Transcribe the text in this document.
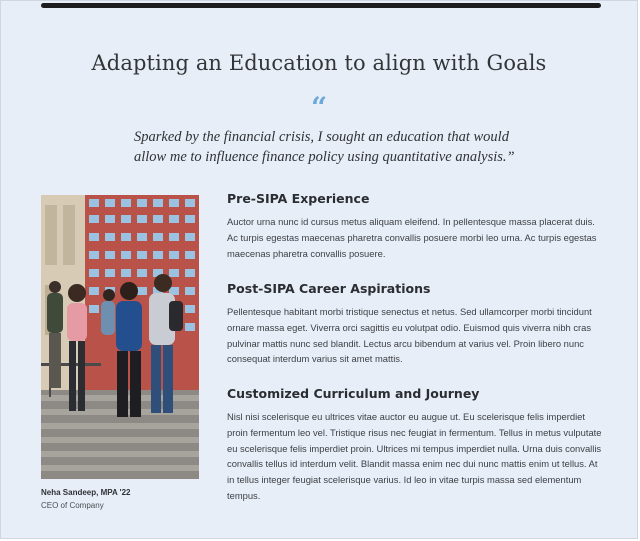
Adapting an Education to align with Goals
“
Sparked by the financial crisis, I sought an education that would allow me to influence finance policy using quantitative analysis.”
Neha Sandeep, MPA '22
CEO of Company
Pre-SIPA Experience

Auctor urna nunc id cursus metus aliquam eleifend. In pellentesque massa placerat duis. Ac turpis egestas maecenas pharetra convallis posuere morbi leo urna. Ac turpis egestas maecenas pharetra convallis posuere.

Post-SIPA Career Aspirations

Pellentesque habitant morbi tristique senectus et netus. Sed ullamcorper morbi tincidunt ornare massa eget. Viverra orci sagittis eu volutpat odio. Euismod quis viverra nibh cras pulvinar mattis nunc sed blandit. Lectus arcu bibendum at varius vel. Proin libero nunc consequat interdum varius sit amet mattis.

Customized Curriculum and Journey

Nisl nisi scelerisque eu ultrices vitae auctor eu augue ut. Eu scelerisque felis imperdiet proin fermentum leo vel. Tristique risus nec feugiat in fermentum. Tellus in metus vulputate eu scelerisque felis imperdiet proin. Ultrices mi tempus imperdiet nulla. Urna duis convallis convallis tellus id interdum velit. Blandit massa enim nec dui nunc mattis enim ut tellus. At in tellus integer feugiat scelerisque varius. Id leo in vitae turpis massa sed elementum tempus.
